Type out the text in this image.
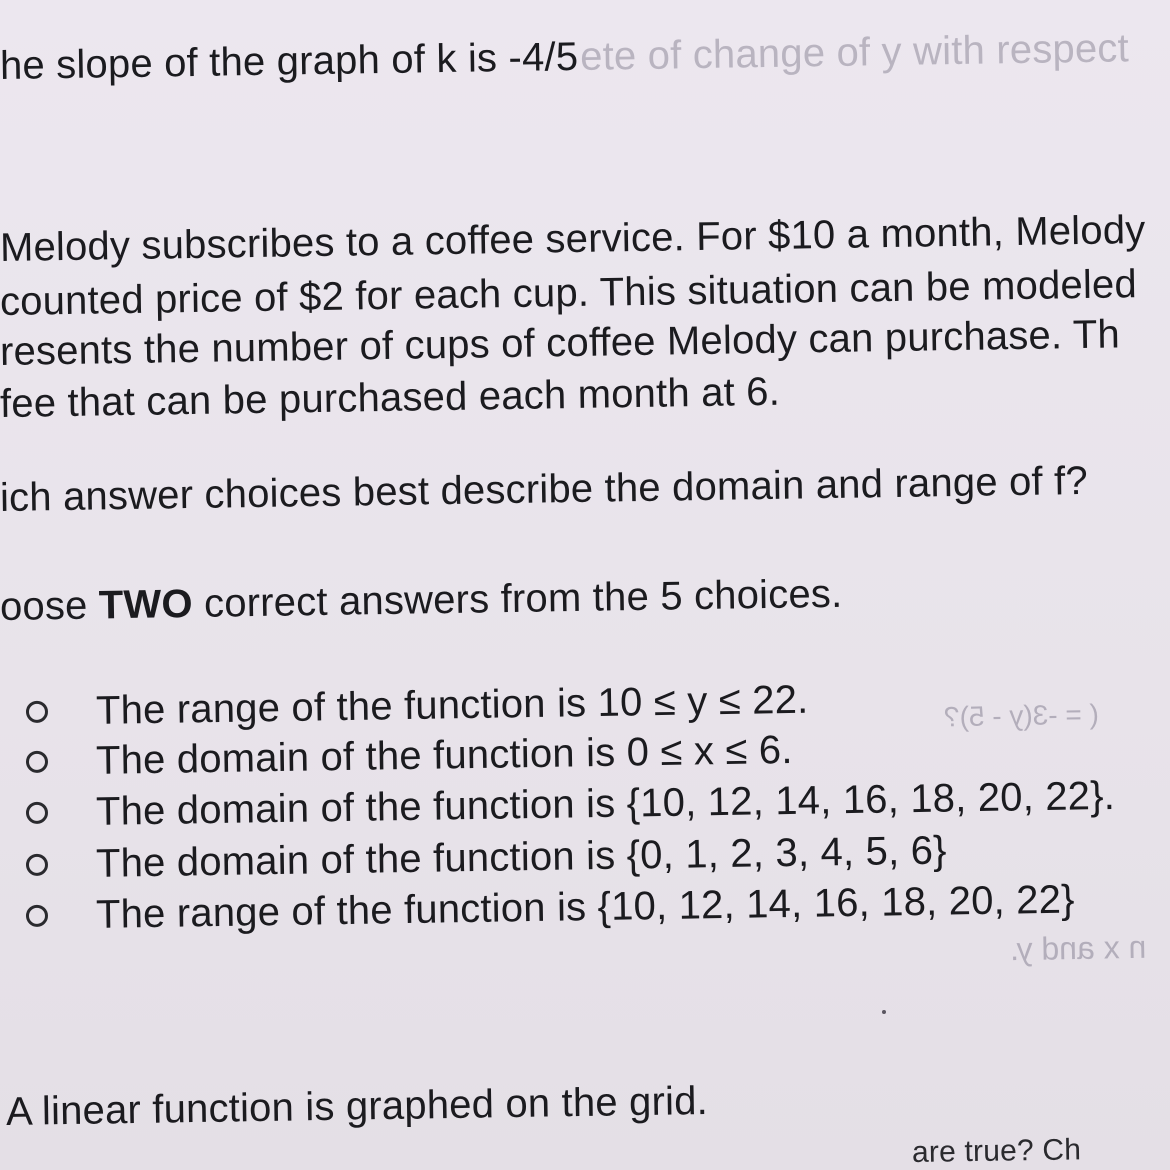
he slope of the graph of k is -4/5ete of change of y with respect
Melody subscribes to a coffee service. For $10 a month, Melody
counted price of $2 for each cup. This situation can be modeled
resents the number of cups of coffee Melody can purchase. Th
fee that can be purchased each month at 6.
ich answer choices best describe the domain and range of f?
oose TWO correct answers from the 5 choices.
The range of the function is 10 ≤ y ≤ 22.
The domain of the function is 0 ≤ x ≤ 6.
The domain of the function is {10, 12, 14, 16, 18, 20, 22}.
The domain of the function is {0, 1, 2, 3, 4, 5, 6}
The range of the function is {10, 12, 14, 16, 18, 20, 22}
( = -3(y - 5)?
n x and y.
A linear function is graphed on the grid.
are true? Ch
